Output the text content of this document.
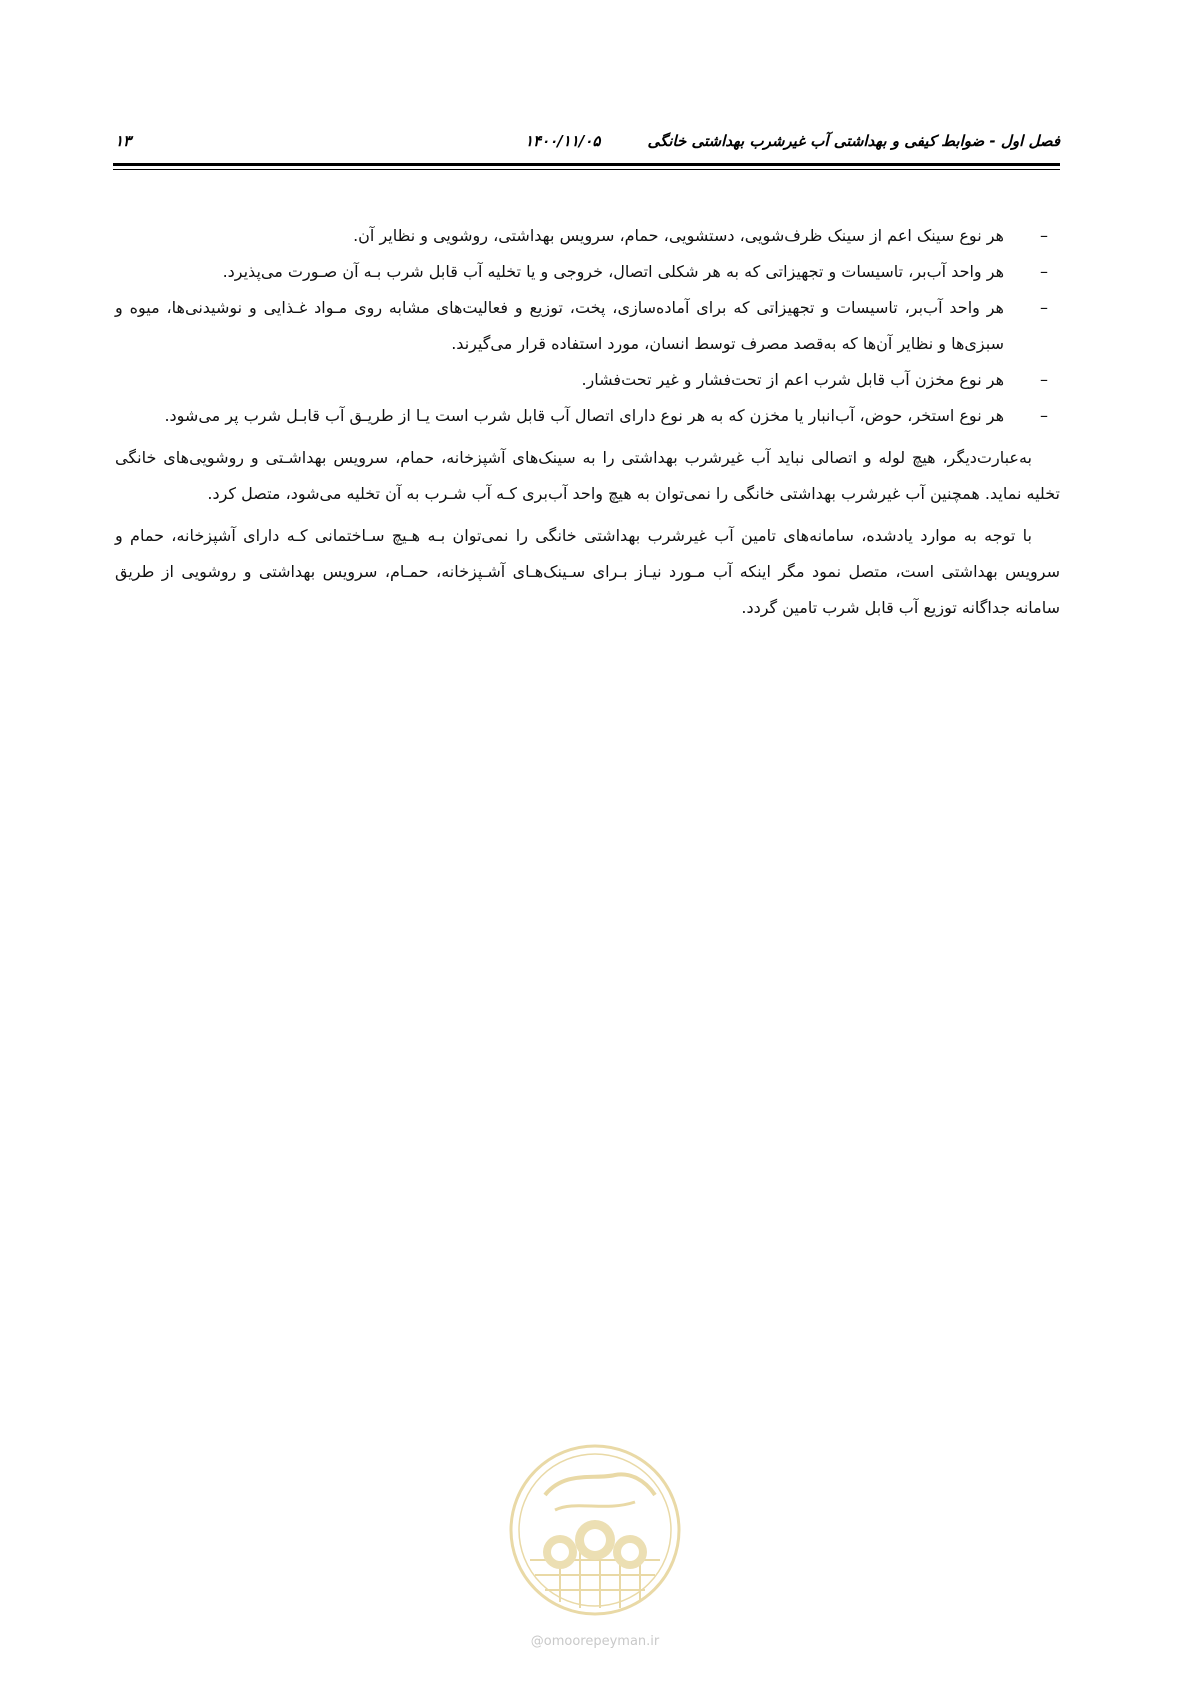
فصل اول - ضوابط کیفی و بهداشتی آب غیرشرب بهداشتی خانگی
۱۴۰۰/۱۱/۰۵
۱۳
–
هر نوع سینک اعم از سینک ظرف‌شویی، دستشویی، حمام، سرویس بهداشتی، روشویی و نظایر آن.
–
هر واحد آب‌بر، تاسیسات و تجهیزاتی که به هر شکلی اتصال، خروجی و یا تخلیه آب قابل شرب بـه آن صـورت می‌پذیرد.
–
هر واحد آب‌بر، تاسیسات و تجهیزاتی که برای آماده‌سازی، پخت، توزیع و فعالیت‌های مشابه روی مـواد غـذایی و نوشیدنی‌ها، میوه و سبزی‌ها و نظایر آن‌ها که به‌قصد مصرف توسط انسان، مورد استفاده قرار می‌گیرند.
–
هر نوع مخزن آب قابل شرب اعم از تحت‌فشار و غیر تحت‌فشار.
–
هر نوع استخر، حوض، آب‌انبار یا مخزن که به هر نوع دارای اتصال آب قابل شرب است یـا از طریـق آب قابـل شرب پر می‌شود.

به‌عبارت‌دیگر، هیچ لوله و اتصالی نباید آب غیرشرب بهداشتی را به سینک‌های آشپزخانه، حمام، سرویس بهداشـتی و روشویی‌های خانگی تخلیه نماید. همچنین آب غیرشرب بهداشتی خانگی را نمی‌توان به هیچ واحد آب‌بری کـه آب شـرب به آن تخلیه می‌شود، متصل کرد.

با توجه به موارد یادشده، سامانه‌های تامین آب غیرشرب بهداشتی خانگی را نمی‌توان بـه هـیچ سـاختمانی کـه دارای آشپزخانه، حمام و سرویس بهداشتی است، متصل نمود مگر اینکه آب مـورد نیـاز بـرای سـینک‌هـای آشـپزخانه، حمـام، سرویس بهداشتی و روشویی از طریق سامانه جداگانه توزیع آب قابل شرب تامین گردد.

@omoorepeyman.ir
